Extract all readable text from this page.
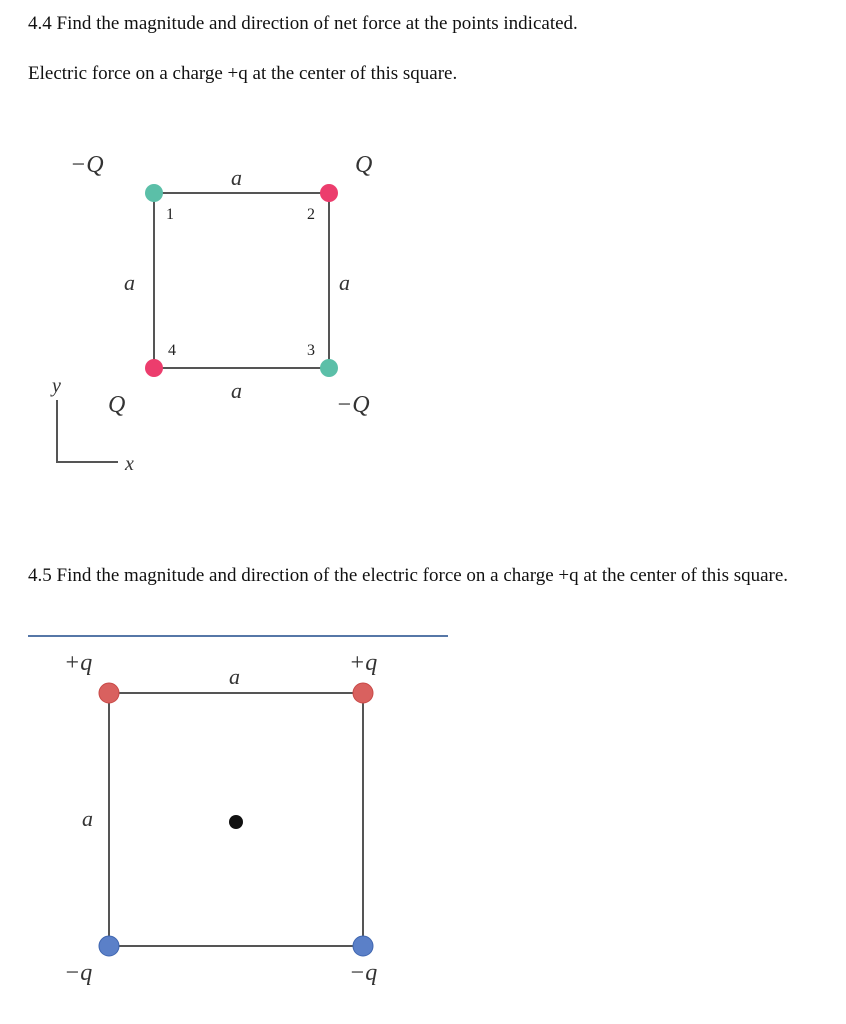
4.4 Find the magnitude and direction of net force at the points indicated.

Electric force on a charge +q at the center of this square.

4.5 Find the magnitude and direction of the electric force on a charge +q at the center of this square.

−Q	Q
Q	−Q
a
a	a
a
1	2
3
4
y
x
+q	+q
−q	−q
a
a
